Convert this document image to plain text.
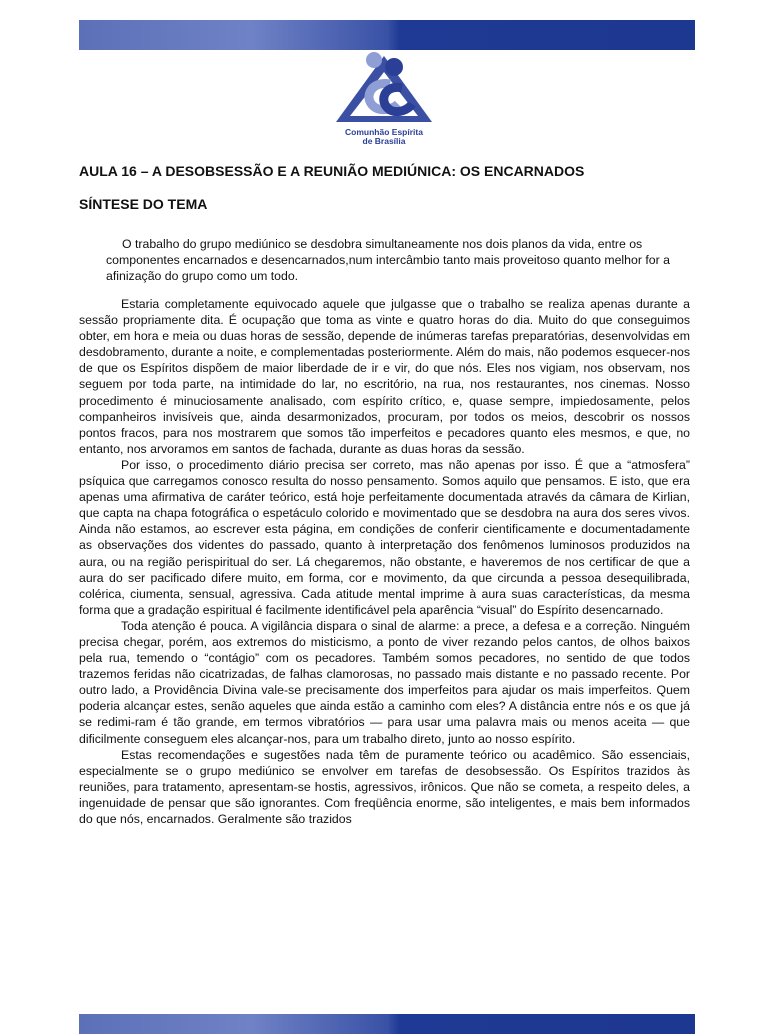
Comunhão Espírita
de Brasília
AULA 16 – A DESOBSESSÃO E A REUNIÃO MEDIÚNICA: OS ENCARNADOS
SÍNTESE DO TEMA

O trabalho do grupo mediúnico se desdobra simultaneamente nos dois planos da vida, entre os componentes encarnados e desencarnados,num intercâmbio tanto mais proveitoso quanto melhor for a afinização do grupo como um todo.

Estaria completamente equivocado aquele que julgasse que o trabalho se realiza apenas durante a sessão propriamente dita. É ocupação que toma as vinte e quatro horas do dia. Muito do que conseguimos obter, em hora e meia ou duas horas de sessão, depende de inúmeras tarefas preparatórias, desenvolvidas em desdobramento, durante a noite, e complementadas posteriormente. Além do mais, não podemos esquecer-nos de que os Espíritos dispõem de maior liberdade de ir e vir, do que nós. Eles nos vigiam, nos observam, nos seguem por toda parte, na intimidade do lar, no escritório, na rua, nos restaurantes, nos cinemas. Nosso procedimento é minuciosamente analisado, com espírito crítico, e, quase sempre, impiedosamente, pelos companheiros invisíveis que, ainda desarmonizados, procuram, por todos os meios, descobrir os nossos pontos fracos, para nos mostrarem que somos tão imperfeitos e pecadores quanto eles mesmos, e que, no entanto, nos arvoramos em santos de fachada, durante as duas horas da sessão.

Por isso, o procedimento diário precisa ser correto, mas não apenas por isso. É que a “atmosfera” psíquica que carregamos conosco resulta do nosso pensamento. Somos aquilo que pensamos. E isto, que era apenas uma afirmativa de caráter teórico, está hoje perfeitamente documentada através da câmara de Kirlian, que capta na chapa fotográfica o espetáculo colorido e movimentado que se desdobra na aura dos seres vivos. Ainda não estamos, ao escrever esta página, em condições de conferir cientificamente e documentadamente as observações dos videntes do passado, quanto à interpretação dos fenômenos luminosos produzidos na aura, ou na região perispiritual do ser. Lá chegaremos, não obstante, e haveremos de nos certificar de que a aura do ser pacificado difere muito, em forma, cor e movimento, da que circunda a pessoa desequilibrada, colérica, ciumenta, sensual, agressiva. Cada atitude mental imprime à aura suas características, da mesma forma que a gradação espiritual é facilmente identificável pela aparência “visual” do Espírito desencarnado.

Toda atenção é pouca. A vigilância dispara o sinal de alarme: a prece, a defesa e a correção. Ninguém precisa chegar, porém, aos extremos do misticismo, a ponto de viver rezando pelos cantos, de olhos baixos pela rua, temendo o “contágio” com os pecadores. Também somos pecadores, no sentido de que todos trazemos feridas não cicatrizadas, de falhas clamorosas, no passado mais distante e no passado recente. Por outro lado, a Providência Divina vale-se precisamente dos imperfeitos para ajudar os mais imperfeitos. Quem poderia alcançar estes, senão aqueles que ainda estão a caminho com eles? A distância entre nós e os que já se redimi-ram é tão grande, em termos vibratórios — para usar uma palavra mais ou menos aceita — que dificilmente conseguem eles alcançar-nos, para um trabalho direto, junto ao nosso espírito.

Estas recomendações e sugestões nada têm de puramente teórico ou acadêmico. São essenciais, especialmente se o grupo mediúnico se envolver em tarefas de desobsessão. Os Espíritos trazidos às reuniões, para tratamento, apresentam-se hostis, agressivos, irônicos. Que não se cometa, a respeito deles, a ingenuidade de pensar que são ignorantes. Com freqüência enorme, são inteligentes, e mais bem informados do que nós, encarnados. Geralmente são trazidos
